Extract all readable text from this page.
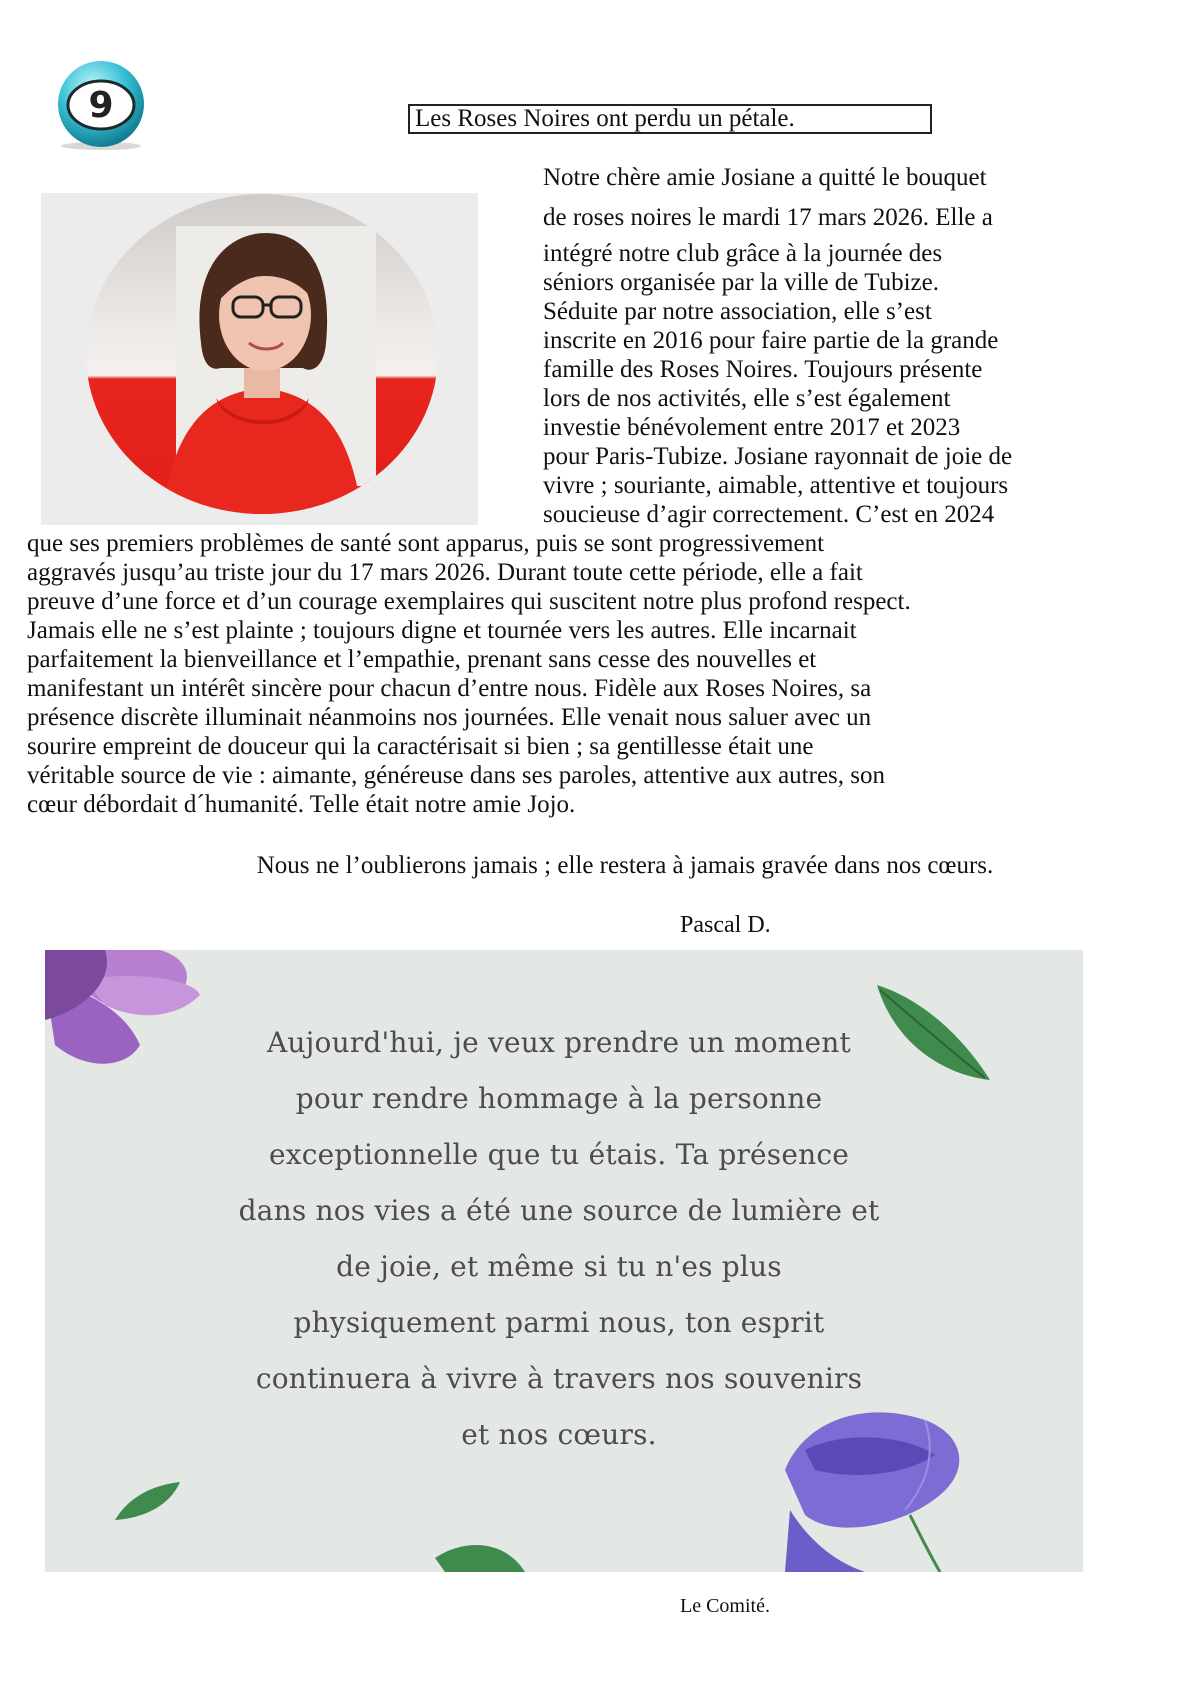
9	Les Roses Noires ont perdu un pétale.
Notre chère amie Josiane a quitté le bouquet
de roses noires le mardi 17 mars 2026. Elle a
intégré notre club grâce à la journée des
séniors organisée par la ville de Tubize.
Séduite par notre association, elle s’est
inscrite en 2016 pour faire partie de la grande
famille des Roses Noires. Toujours présente
lors de nos activités, elle s’est également
investie bénévolement entre 2017 et 2023
pour Paris-Tubize. Josiane rayonnait de joie de
vivre ; souriante, aimable, attentive et toujours
soucieuse d’agir correctement. C’est en 2024
que ses premiers problèmes de santé sont apparus, puis se sont progressivement
aggravés jusqu’au triste jour du 17 mars 2026. Durant toute cette période, elle a fait
preuve d’une force et d’un courage exemplaires qui suscitent notre plus profond respect.
Jamais elle ne s’est plainte ; toujours digne et tournée vers les autres. Elle incarnait
parfaitement la bienveillance et l’empathie, prenant sans cesse des nouvelles et
manifestant un intérêt sincère pour chacun d’entre nous. Fidèle aux Roses Noires, sa
présence discrète illuminait néanmoins nos journées. Elle venait nous saluer avec un
sourire empreint de douceur qui la caractérisait si bien ; sa gentillesse était une
véritable source de vie : aimante, généreuse dans ses paroles, attentive aux autres, son
cœur débordait d´humanité. Telle était notre amie Jojo.
Nous ne l’oublierons jamais ; elle restera à jamais gravée dans nos cœurs.
Pascal D.
Aujourd'hui, je veux prendre un moment
pour rendre hommage à la personne
exceptionnelle que tu étais. Ta présence
dans nos vies a été une source de lumière et
de joie, et même si tu n'es plus
physiquement parmi nous, ton esprit
continuera à vivre à travers nos souvenirs
et nos cœurs.
Le Comité.
